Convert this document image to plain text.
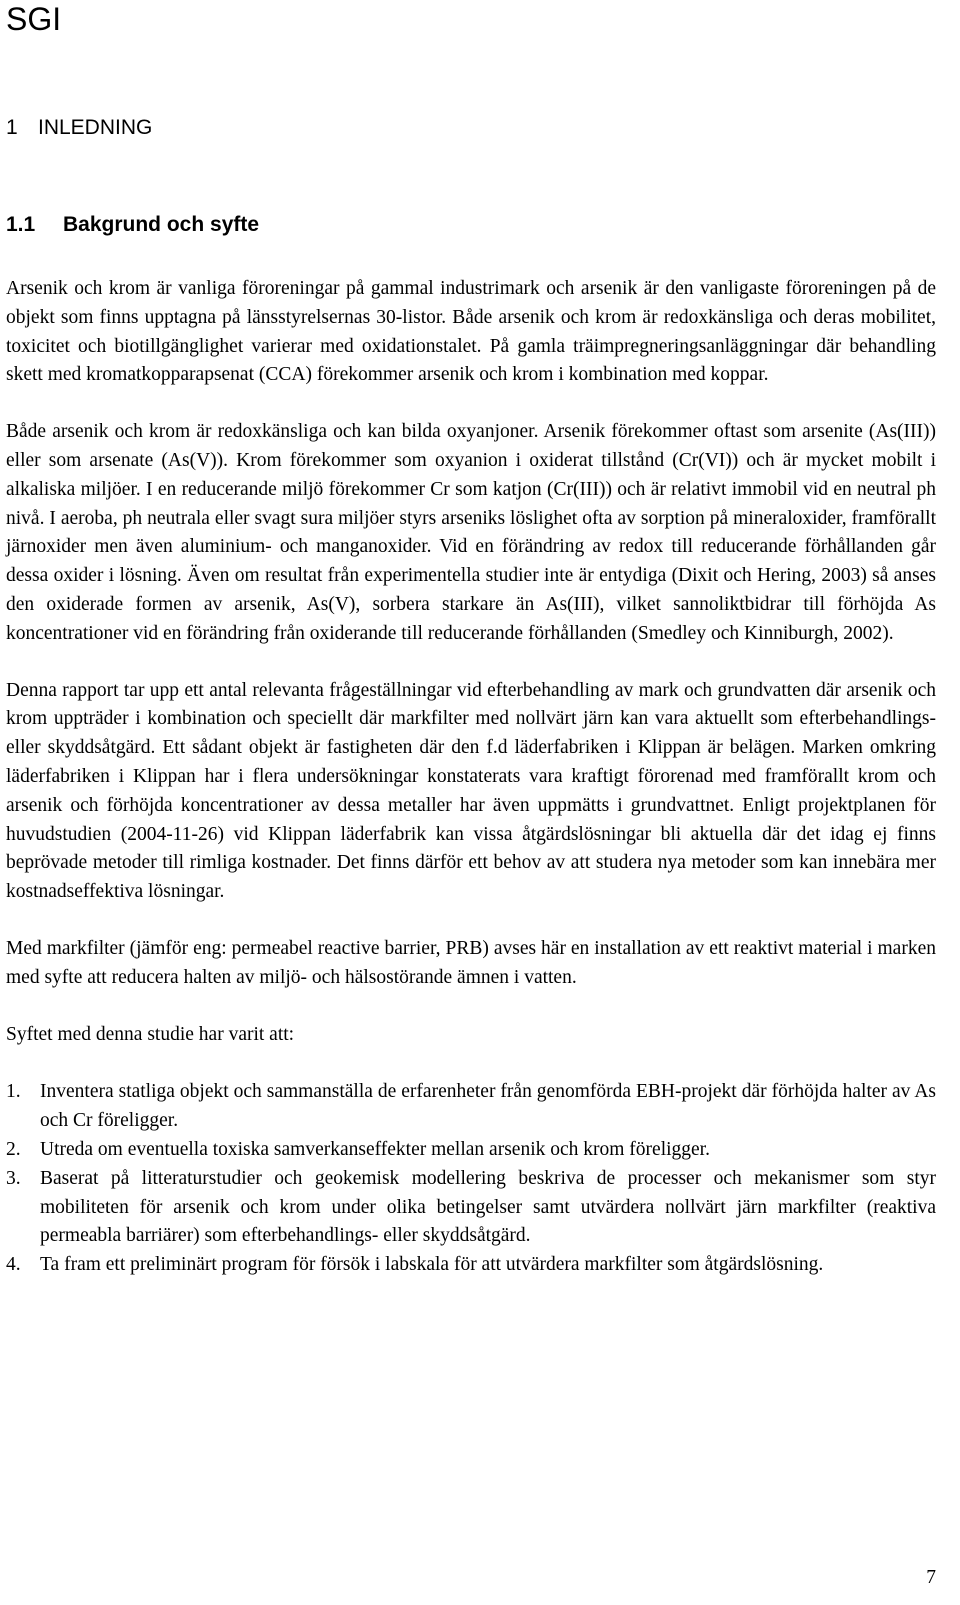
SGI
1 INLEDNING
1.1 Bakgrund och syfte

Arsenik och krom är vanliga föroreningar på gammal industrimark och arsenik är den vanligaste föroreningen på de objekt som finns upptagna på länsstyrelsernas 30-listor. Både arsenik och krom är redoxkänsliga och deras mobilitet, toxicitet och biotillgänglighet varierar med oxidationstalet. På gamla träimpregneringsanläggningar där behandling skett med kromatkopparарsenat (CCA) förekommer arsenik och krom i kombination med koppar.

Både arsenik och krom är redoxkänsliga och kan bilda oxyanjoner. Arsenik förekommer oftast som arsenite (As(III)) eller som arsenate (As(V)). Krom förekommer som oxyanion i oxiderat tillstånd (Cr(VI)) och är mycket mobilt i alkaliska miljöer. I en reducerande miljö förekommer Cr som katjon (Cr(III)) och är relativt immobil vid en neutral ph nivå. I aeroba, ph neutrala eller svagt sura miljöer styrs arseniks löslighet ofta av sorption på mineraloxider, framförallt järnoxider men även aluminium- och manganoxider. Vid en förändring av redox till reducerande förhållanden går dessa oxider i lösning. Även om resultat från experimentella studier inte är entydiga (Dixit och Hering, 2003) så anses den oxiderade formen av arsenik, As(V), sorbera starkare än As(III), vilket sannoliktbidrar till förhöjda As koncentrationer vid en förändring från oxiderande till reducerande förhållanden (Smedley och Kinniburgh, 2002).

Denna rapport tar upp ett antal relevanta frågeställningar vid efterbehandling av mark och grundvatten där arsenik och krom uppträder i kombination och speciellt där markfilter med nollvärt järn kan vara aktuellt som efterbehandlings- eller skyddsåtgärd. Ett sådant objekt är fastigheten där den f.d läderfabriken i Klippan är belägen. Marken omkring läderfabriken i Klippan har i flera undersökningar konstaterats vara kraftigt förorenad med framförallt krom och arsenik och förhöjda koncentrationer av dessa metaller har även uppmätts i grundvattnet. Enligt projektplanen för huvudstudien (2004-11-26) vid Klippan läderfabrik kan vissa åtgärdslösningar bli aktuella där det idag ej finns beprövade metoder till rimliga kostnader. Det finns därför ett behov av att studera nya metoder som kan innebära mer kostnadseffektiva lösningar.

Med markfilter (jämför eng: permeabel reactive barrier, PRB) avses här en installation av ett reaktivt material i marken med syfte att reducera halten av miljö- och hälsostörande ämnen i vatten.

Syftet med denna studie har varit att:

1. Inventera statliga objekt och sammanställa de erfarenheter från genomförda EBH-projekt där förhöjda halter av As och Cr föreligger.
2. Utreda om eventuella toxiska samverkanseffekter mellan arsenik och krom föreligger.
3. Baserat på litteraturstudier och geokemisk modellering beskriva de processer och mekanismer som styr mobiliteten för arsenik och krom under olika betingelser samt utvärdera nollvärt järn markfilter (reaktiva permeabla barriärer) som efterbehandlings- eller skyddsåtgärd.
4. Ta fram ett preliminärt program för försök i labskala för att utvärdera markfilter som åtgärdslösning.
7
